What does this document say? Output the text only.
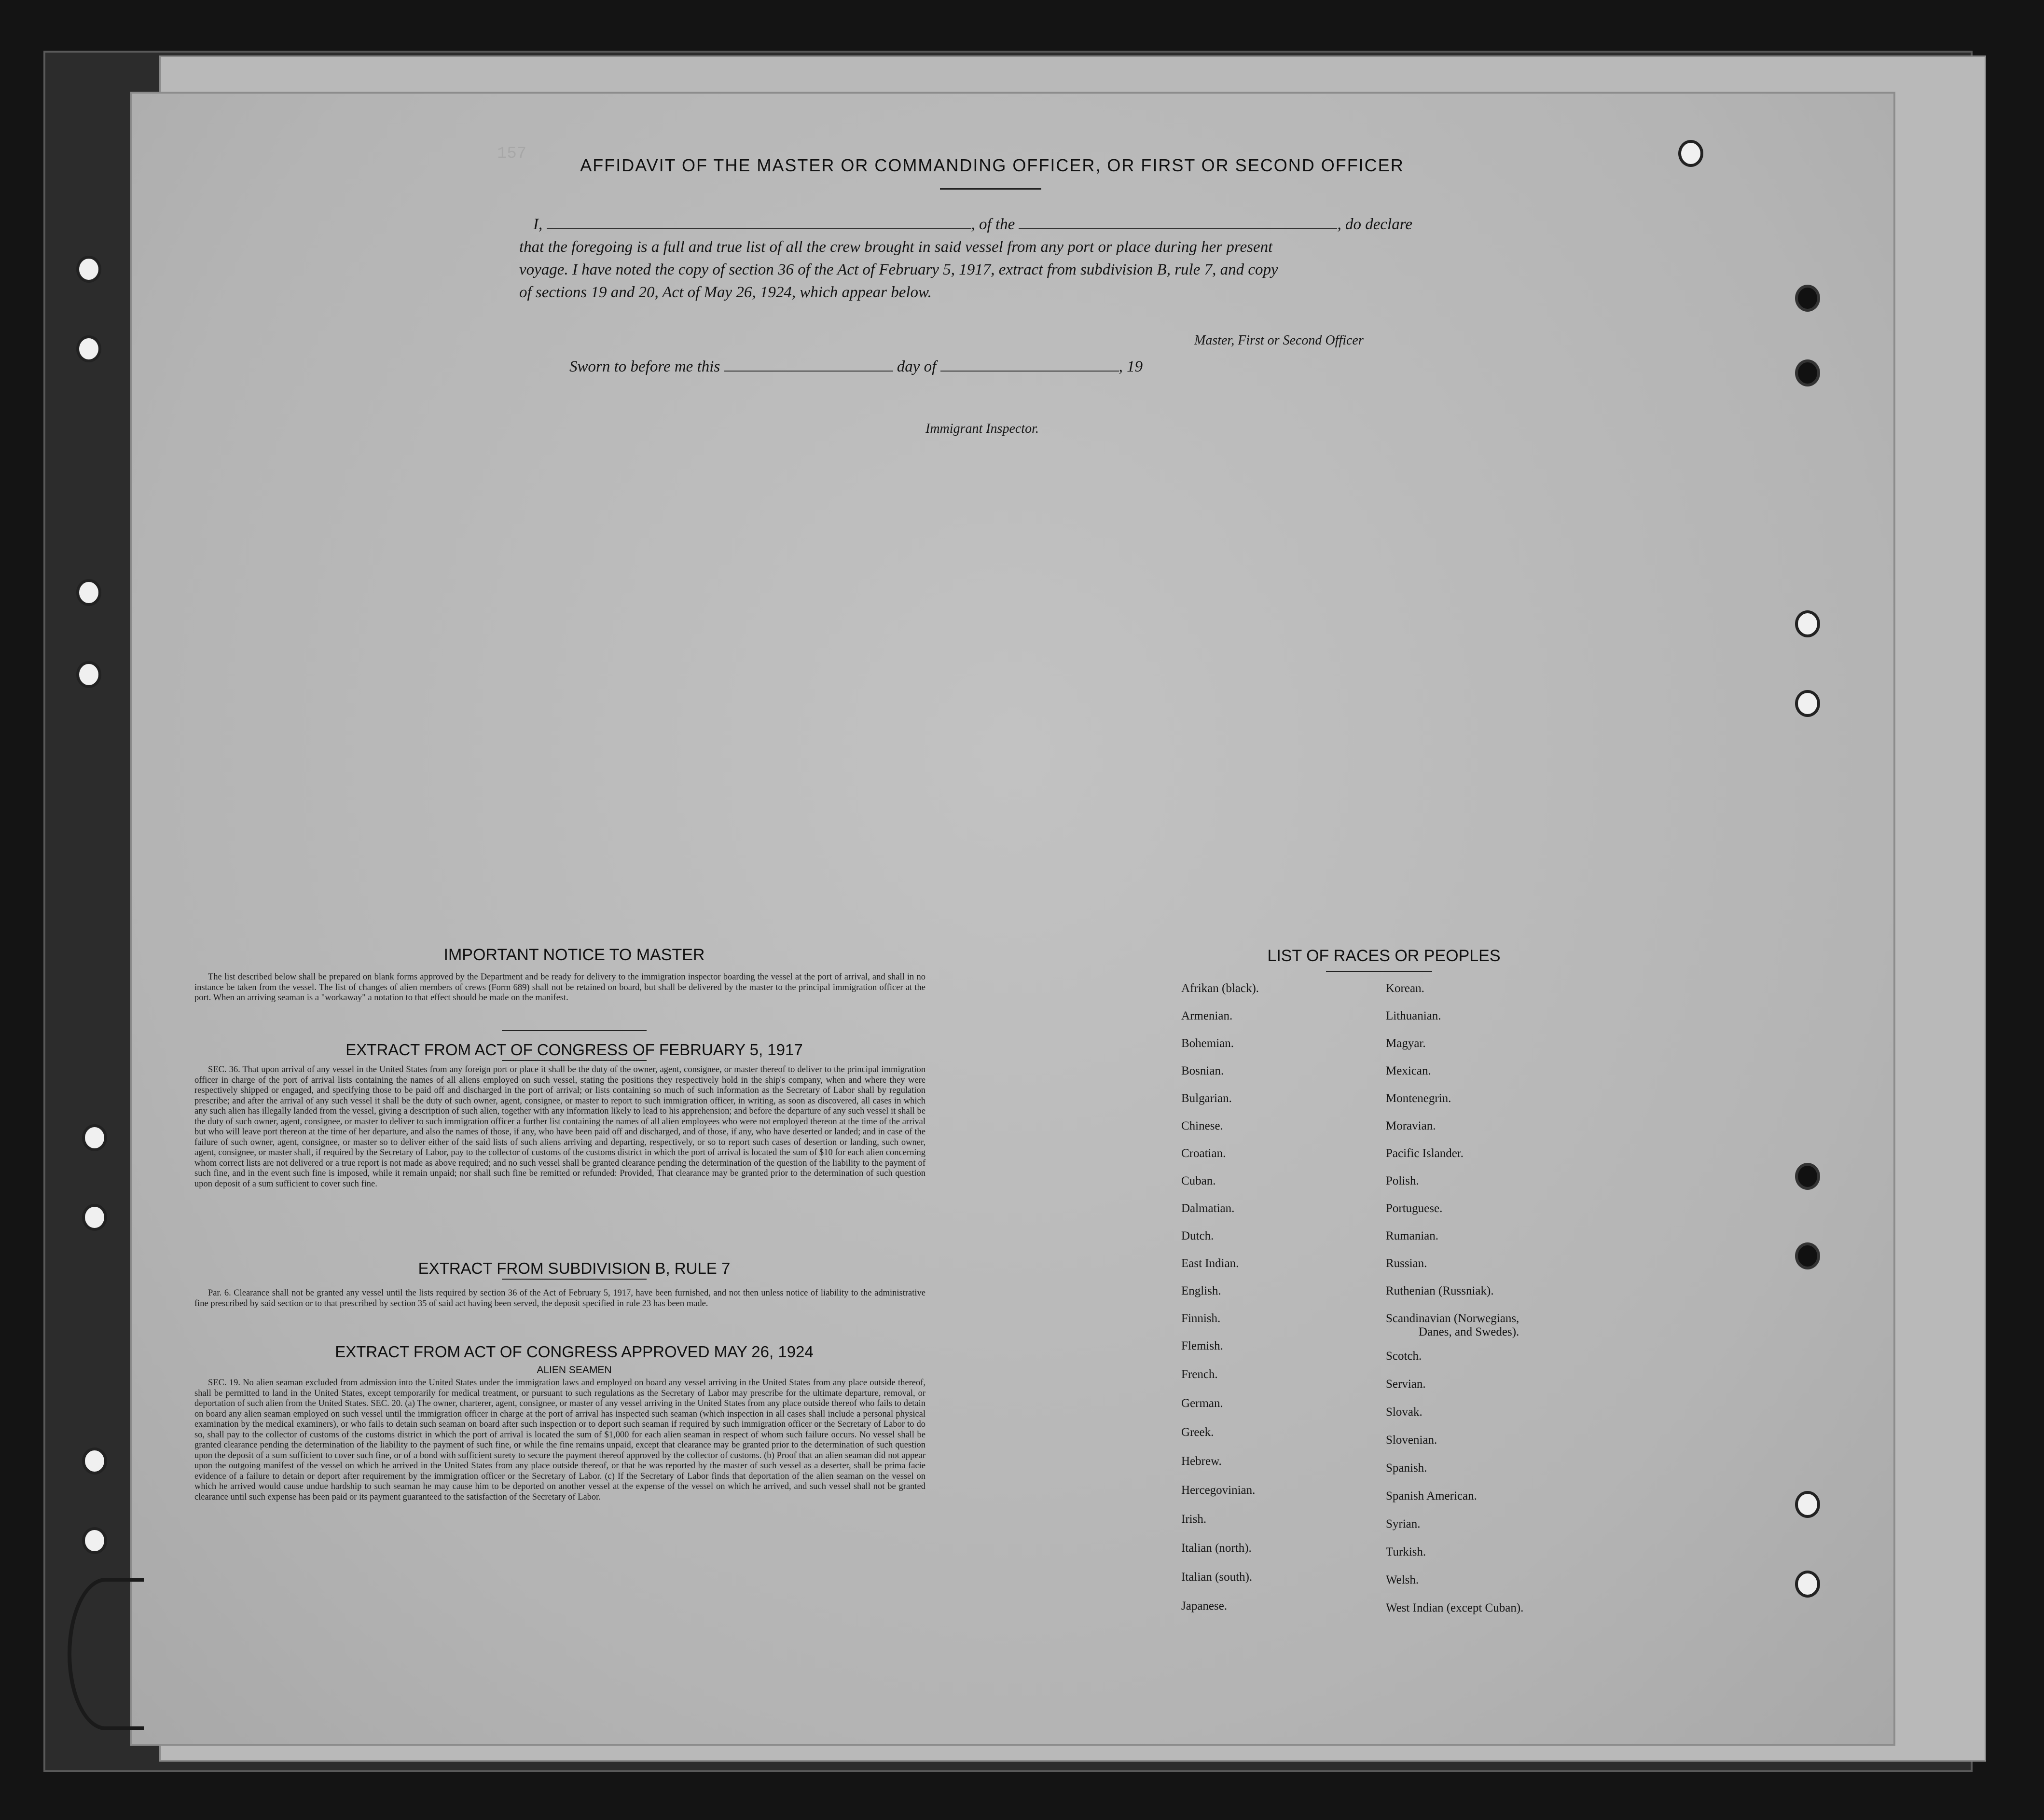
157
AFFIDAVIT OF THE MASTER OR COMMANDING OFFICER, OR FIRST OR SECOND OFFICER
I,	, of the	, do declare
that the foregoing is a full and true list of all the crew brought in said vessel from any port or place during her present
voyage. I have noted the copy of section 36 of the Act of February 5, 1917, extract from subdivision B, rule 7, and copy
of sections 19 and 20, Act of May 26, 1924, which appear below.
Master, First or Second Officer
Sworn to before me this	day of	, 19
Immigrant Inspector.
IMPORTANT NOTICE TO MASTER
The list described below shall be prepared on blank forms approved by the Department and be ready for delivery to the immigration inspector boarding the vessel at the port of arrival, and shall in no instance be taken from the vessel. The list of changes of alien members of crews (Form 689) shall not be retained on board, but shall be delivered by the master to the principal immigration officer at the port. When an arriving seaman is a "workaway" a notation to that effect should be made on the manifest.
EXTRACT FROM ACT OF CONGRESS OF FEBRUARY 5, 1917
SEC. 36. That upon arrival of any vessel in the United States from any foreign port or place it shall be the duty of the owner, agent, consignee, or master thereof to deliver to the principal immigration officer in charge of the port of arrival lists containing the names of all aliens employed on such vessel, stating the positions they respectively hold in the ship's company, when and where they were respectively shipped or engaged, and specifying those to be paid off and discharged in the port of arrival; or lists containing so much of such information as the Secretary of Labor shall by regulation prescribe; and after the arrival of any such vessel it shall be the duty of such owner, agent, consignee, or master to report to such immigration officer, in writing, as soon as discovered, all cases in which any such alien has illegally landed from the vessel, giving a description of such alien, together with any information likely to lead to his apprehension; and before the departure of any such vessel it shall be the duty of such owner, agent, consignee, or master to deliver to such immigration officer a further list containing the names of all alien employees who were not employed thereon at the time of the arrival but who will leave port thereon at the time of her departure, and also the names of those, if any, who have been paid off and discharged, and of those, if any, who have deserted or landed; and in case of the failure of such owner, agent, consignee, or master so to deliver either of the said lists of such aliens arriving and departing, respectively, or so to report such cases of desertion or landing, such owner, agent, consignee, or master shall, if required by the Secretary of Labor, pay to the collector of customs of the customs district in which the port of arrival is located the sum of $10 for each alien concerning whom correct lists are not delivered or a true report is not made as above required; and no such vessel shall be granted clearance pending the determination of the question of the liability to the payment of such fine, and in the event such fine is imposed, while it remain unpaid; nor shall such fine be remitted or refunded: Provided, That clearance may be granted prior to the determination of such question upon deposit of a sum sufficient to cover such fine.
EXTRACT FROM SUBDIVISION B, RULE 7
Par. 6. Clearance shall not be granted any vessel until the lists required by section 36 of the Act of February 5, 1917, have been furnished, and not then unless notice of liability to the administrative fine prescribed by said section or to that prescribed by section 35 of said act having been served, the deposit specified in rule 23 has been made.
EXTRACT FROM ACT OF CONGRESS APPROVED MAY 26, 1924
ALIEN SEAMEN
SEC. 19. No alien seaman excluded from admission into the United States under the immigration laws and employed on board any vessel arriving in the United States from any place outside thereof, shall be permitted to land in the United States, except temporarily for medical treatment, or pursuant to such regulations as the Secretary of Labor may prescribe for the ultimate departure, removal, or deportation of such alien from the United States. SEC. 20. (a) The owner, charterer, agent, consignee, or master of any vessel arriving in the United States from any place outside thereof who fails to detain on board any alien seaman employed on such vessel until the immigration officer in charge at the port of arrival has inspected such seaman (which inspection in all cases shall include a personal physical examination by the medical examiners), or who fails to detain such seaman on board after such inspection or to deport such seaman if required by such immigration officer or the Secretary of Labor to do so, shall pay to the collector of customs of the customs district in which the port of arrival is located the sum of $1,000 for each alien seaman in respect of whom such failure occurs. No vessel shall be granted clearance pending the determination of the liability to the payment of such fine, or while the fine remains unpaid, except that clearance may be granted prior to the determination of such question upon the deposit of a sum sufficient to cover such fine, or of a bond with sufficient surety to secure the payment thereof approved by the collector of customs. (b) Proof that an alien seaman did not appear upon the outgoing manifest of the vessel on which he arrived in the United States from any place outside thereof, or that he was reported by the master of such vessel as a deserter, shall be prima facie evidence of a failure to detain or deport after requirement by the immigration officer or the Secretary of Labor. (c) If the Secretary of Labor finds that deportation of the alien seaman on the vessel on which he arrived would cause undue hardship to such seaman he may cause him to be deported on another vessel at the expense of the vessel on which he arrived, and such vessel shall not be granted clearance until such expense has been paid or its payment guaranteed to the satisfaction of the Secretary of Labor.
LIST OF RACES OR PEOPLES
Afrikan (black).
Armenian.
Bohemian.
Bosnian.
Bulgarian.
Chinese.
Croatian.
Cuban.
Dalmatian.
Dutch.
East Indian.
English.
Finnish.
Flemish.
French.
German.
Greek.
Hebrew.
Hercegovinian.
Irish.
Italian (north).
Italian (south).
Japanese.
Korean.
Lithuanian.
Magyar.
Mexican.
Montenegrin.
Moravian.
Pacific Islander.
Polish.
Portuguese.
Rumanian.
Russian.
Ruthenian (Russniak).
Scandinavian (Norwegians,
Danes, and Swedes).
Scotch.
Servian.
Slovak.
Slovenian.
Spanish.
Spanish American.
Syrian.
Turkish.
Welsh.
West Indian (except Cuban).
